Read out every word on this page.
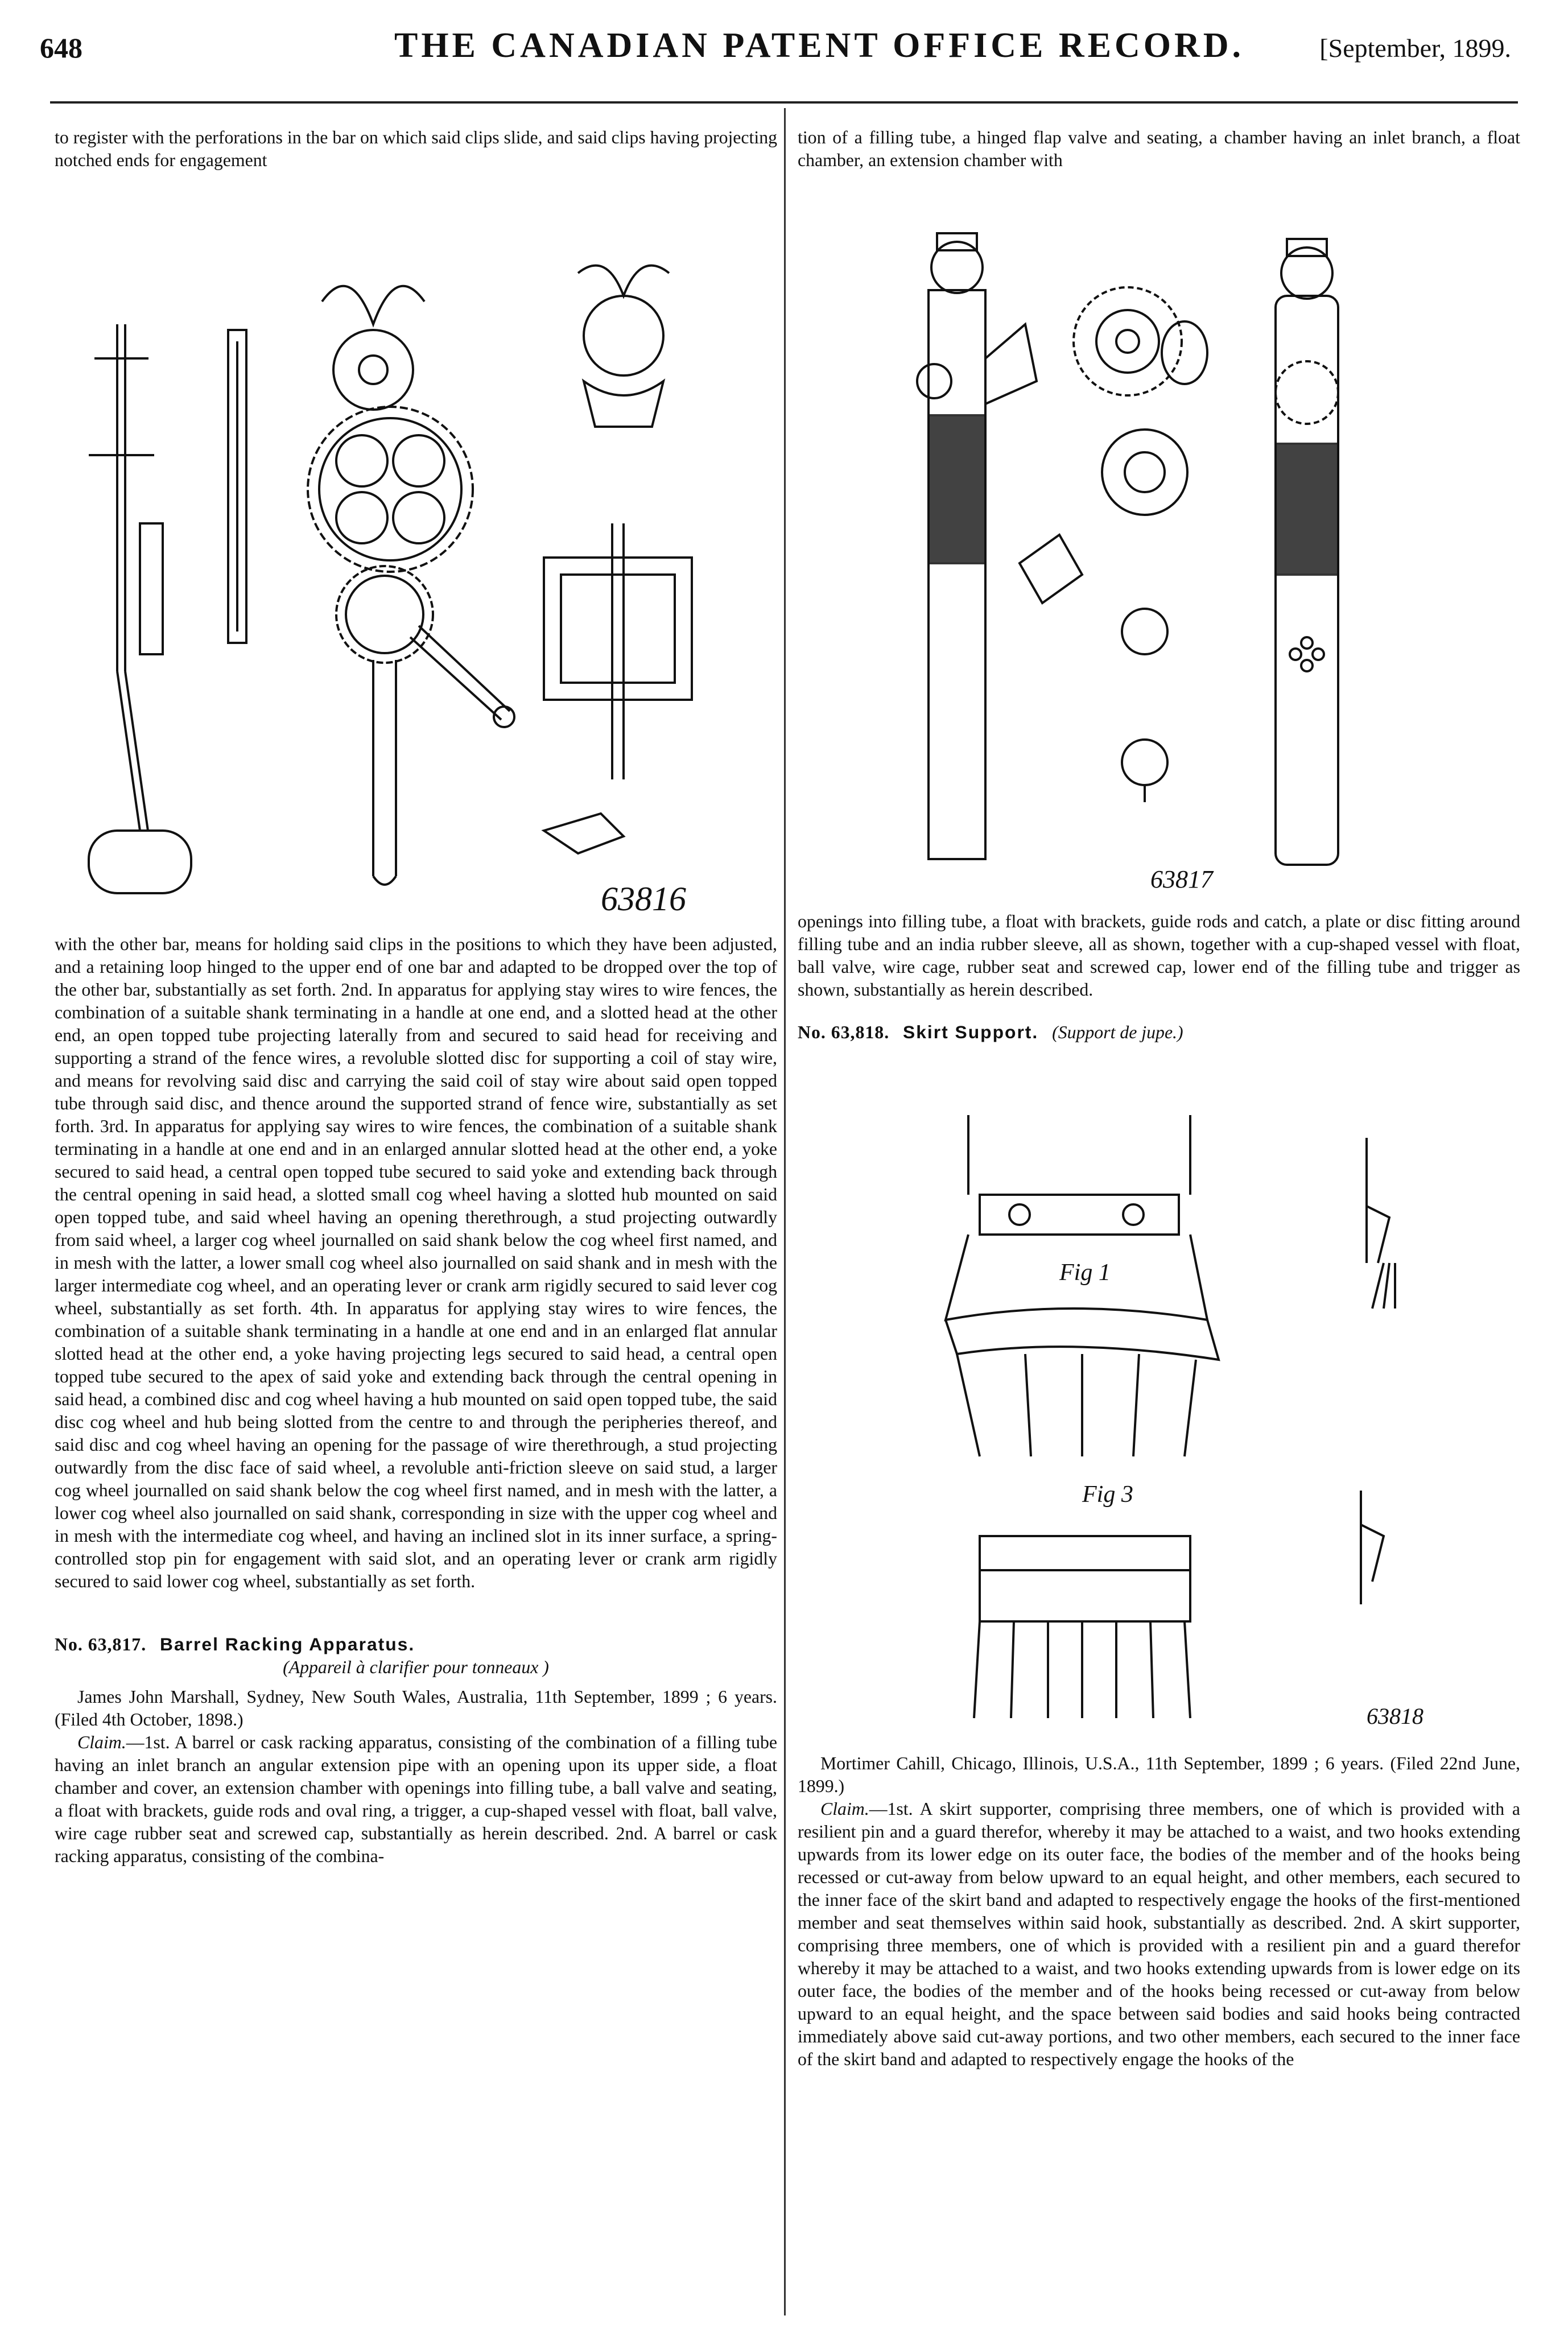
648	THE CANADIAN PATENT OFFICE RECORD.	[September, 1899.

to register with the perforations in the bar on which said clips slide, and said clips having projecting notched ends for engagement

tion of a filling tube, a hinged flap valve and seating, a chamber having an inlet branch, a float chamber, an extension chamber with

63816
63817

with the other bar, means for holding said clips in the positions to which they have been adjusted, and a retaining loop hinged to the upper end of one bar and adapted to be dropped over the top of the other bar, substantially as set forth. 2nd. In apparatus for applying stay wires to wire fences, the combination of a suitable shank terminating in a handle at one end, and a slotted head at the other end, an open topped tube projecting laterally from and secured to said head for receiving and supporting a strand of the fence wires, a revoluble slotted disc for supporting a coil of stay wire, and means for revolving said disc and carrying the said coil of stay wire about said open topped tube through said disc, and thence around the supported strand of fence wire, substantially as set forth. 3rd. In apparatus for applying say wires to wire fences, the combination of a suitable shank terminating in a handle at one end and in an enlarged annular slotted head at the other end, a yoke secured to said head, a central open topped tube secured to said yoke and extending back through the central opening in said head, a slotted small cog wheel having a slotted hub mounted on said open topped tube, and said wheel having an opening therethrough, a stud projecting outwardly from said wheel, a larger cog wheel journalled on said shank below the cog wheel first named, and in mesh with the latter, a lower small cog wheel also journalled on said shank and in mesh with the larger intermediate cog wheel, and an operating lever or crank arm rigidly secured to said lever cog wheel, substantially as set forth. 4th. In apparatus for applying stay wires to wire fences, the combination of a suitable shank terminating in a handle at one end and in an enlarged flat annular slotted head at the other end, a yoke having projecting legs secured to said head, a central open topped tube secured to the apex of said yoke and extending back through the central opening in said head, a combined disc and cog wheel having a hub mounted on said open topped tube, the said disc cog wheel and hub being slotted from the centre to and through the peripheries thereof, and said disc and cog wheel having an opening for the passage of wire therethrough, a stud projecting outwardly from the disc face of said wheel, a revoluble anti-friction sleeve on said stud, a larger cog wheel journalled on said shank below the cog wheel first named, and in mesh with the latter, a lower cog wheel also journalled on said shank, corresponding in size with the upper cog wheel and in mesh with the intermediate cog wheel, and having an inclined slot in its inner surface, a spring-controlled stop pin for engagement with said slot, and an operating lever or crank arm rigidly secured to said lower cog wheel, substantially as set forth.

No. 63,817. Barrel Racking Apparatus.

(Appareil à clarifier pour tonneaux )

James John Marshall, Sydney, New South Wales, Australia, 11th September, 1899 ; 6 years. (Filed 4th October, 1898.)

Claim.—1st. A barrel or cask racking apparatus, consisting of the combination of a filling tube having an inlet branch an angular extension pipe with an opening upon its upper side, a float chamber and cover, an extension chamber with openings into filling tube, a ball valve and seating, a float with brackets, guide rods and oval ring, a trigger, a cup-shaped vessel with float, ball valve, wire cage rubber seat and screwed cap, substantially as herein described. 2nd. A barrel or cask racking apparatus, consisting of the combina-

openings into filling tube, a float with brackets, guide rods and catch, a plate or disc fitting around filling tube and an india rubber sleeve, all as shown, together with a cup-shaped vessel with float, ball valve, wire cage, rubber seat and screwed cap, lower end of the filling tube and trigger as shown, substantially as herein described.

No. 63,818. Skirt Support. (Support de jupe.)

Fig 1
Fig 3
63818

Mortimer Cahill, Chicago, Illinois, U.S.A., 11th September, 1899 ; 6 years. (Filed 22nd June, 1899.)

Claim.—1st. A skirt supporter, comprising three members, one of which is provided with a resilient pin and a guard therefor, whereby it may be attached to a waist, and two hooks extending upwards from its lower edge on its outer face, the bodies of the member and of the hooks being recessed or cut-away from below upward to an equal height, and other members, each secured to the inner face of the skirt band and adapted to respectively engage the hooks of the first-mentioned member and seat themselves within said hook, substantially as described. 2nd. A skirt supporter, comprising three members, one of which is provided with a resilient pin and a guard therefor whereby it may be attached to a waist, and two hooks extending upwards from is lower edge on its outer face, the bodies of the member and of the hooks being recessed or cut-away from below upward to an equal height, and the space between said bodies and said hooks being contracted immediately above said cut-away portions, and two other members, each secured to the inner face of the skirt band and adapted to respectively engage the hooks of the
